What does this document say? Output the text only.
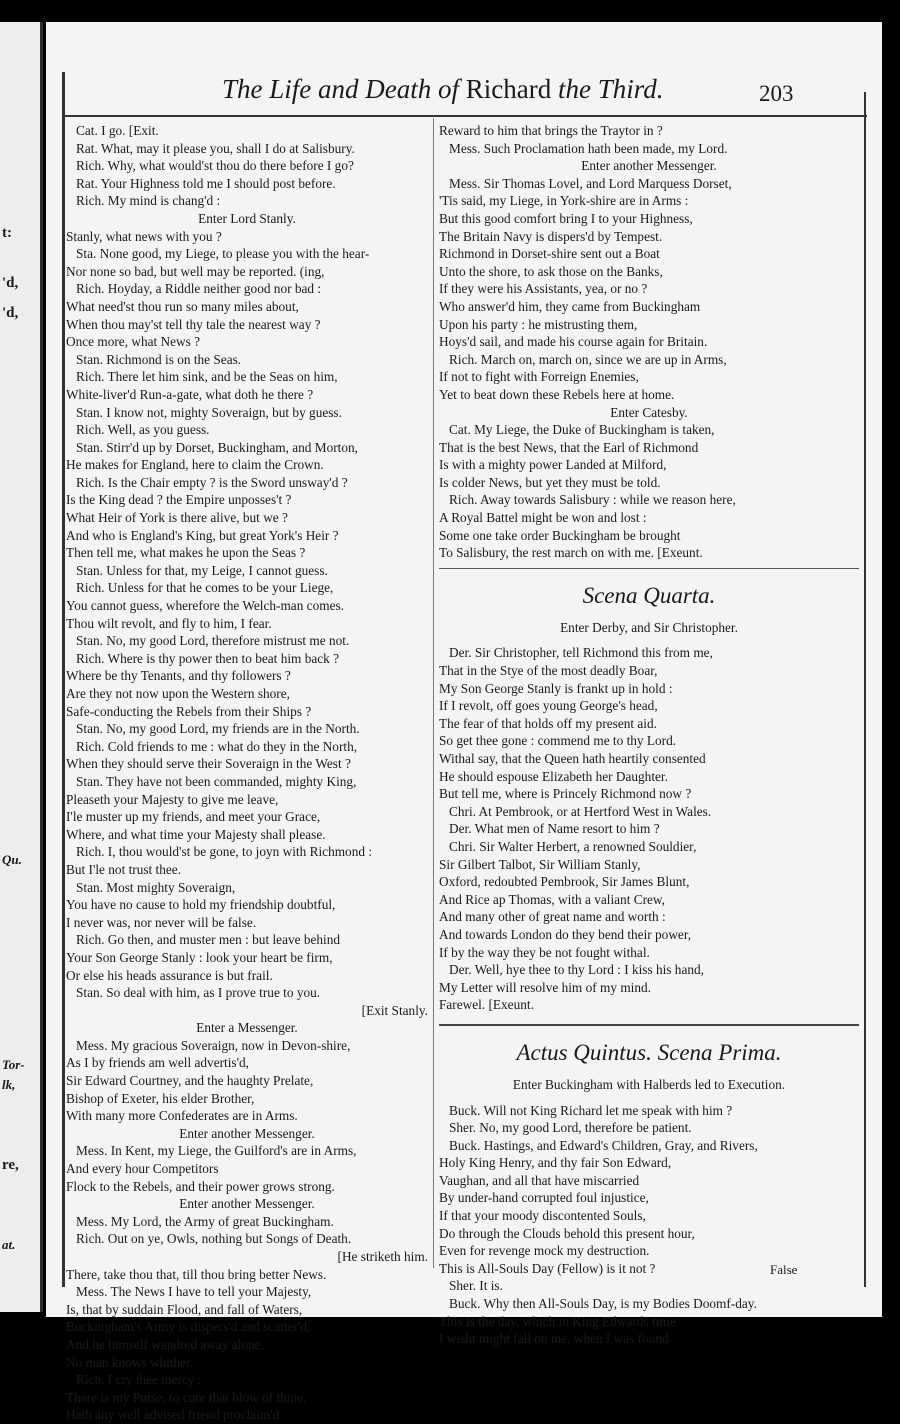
t:
'd,
'd,
Qu.
Tor-
lk,
re,
at.
The Life and Death of Richard the Third.	203
Cat. I go. [Exit.
Rat. What, may it please you, shall I do at Salisbury.
Rich. Why, what would'st thou do there before I go?
Rat. Your Highness told me I should post before.
Rich. My mind is chang'd :
Enter Lord Stanly.
Stanly, what news with you ?
Sta. None good, my Liege, to please you with the hear-
Nor none so bad, but well may be reported. (ing,
Rich. Hoyday, a Riddle neither good nor bad :
What need'st thou run so many miles about,
When thou may'st tell thy tale the nearest way ?
Once more, what News ?
Stan. Richmond is on the Seas.
Rich. There let him sink, and be the Seas on him,
White-liver'd Run-a-gate, what doth he there ?
Stan. I know not, mighty Soveraign, but by guess.
Rich. Well, as you guess.
Stan. Stirr'd up by Dorset, Buckingham, and Morton,
He makes for England, here to claim the Crown.
Rich. Is the Chair empty ? is the Sword unsway'd ?
Is the King dead ? the Empire unposses't ?
What Heir of York is there alive, but we ?
And who is England's King, but great York's Heir ?
Then tell me, what makes he upon the Seas ?
Stan. Unless for that, my Leige, I cannot guess.
Rich. Unless for that he comes to be your Liege,
You cannot guess, wherefore the Welch-man comes.
Thou wilt revolt, and fly to him, I fear.
Stan. No, my good Lord, therefore mistrust me not.
Rich. Where is thy power then to beat him back ?
Where be thy Tenants, and thy followers ?
Are they not now upon the Western shore,
Safe-conducting the Rebels from their Ships ?
Stan. No, my good Lord, my friends are in the North.
Rich. Cold friends to me : what do they in the North,
When they should serve their Soveraign in the West ?
Stan. They have not been commanded, mighty King,
Pleaseth your Majesty to give me leave,
I'le muster up my friends, and meet your Grace,
Where, and what time your Majesty shall please.
Rich. I, thou would'st be gone, to joyn with Richmond :
But I'le not trust thee.
Stan. Most mighty Soveraign,
You have no cause to hold my friendship doubtful,
I never was, nor never will be false.
Rich. Go then, and muster men : but leave behind
Your Son George Stanly : look your heart be firm,
Or else his heads assurance is but frail.
Stan. So deal with him, as I prove true to you.
[Exit Stanly.
Enter a Messenger.
Mess. My gracious Soveraign, now in Devon-shire,
As I by friends am well advertis'd,
Sir Edward Courtney, and the haughty Prelate,
Bishop of Exeter, his elder Brother,
With many more Confederates are in Arms.
Enter another Messenger.
Mess. In Kent, my Liege, the Guilford's are in Arms,
And every hour Competitors
Flock to the Rebels, and their power grows strong.
Enter another Messenger.
Mess. My Lord, the Army of great Buckingham.
Rich. Out on ye, Owls, nothing but Songs of Death.
[He striketh him.
There, take thou that, till thou bring better News.
Mess. The News I have to tell your Majesty,
Is, that by suddain Flood, and fall of Waters,
Buckingham's Army is dispers'd and scatter'd,
And he himself wandred away alone,
No man knows whither.
Rich. I cry thee mercy :
There is my Purse, to cure that blow of thine.
Hath any well advised friend proclaim'd
Reward to him that brings the Traytor in ?
Mess. Such Proclamation hath been made, my Lord.
Enter another Messenger.
Mess. Sir Thomas Lovel, and Lord Marquess Dorset,
'Tis said, my Liege, in York-shire are in Arms :
But this good comfort bring I to your Highness,
The Britain Navy is dispers'd by Tempest.
Richmond in Dorset-shire sent out a Boat
Unto the shore, to ask those on the Banks,
If they were his Assistants, yea, or no ?
Who answer'd him, they came from Buckingham
Upon his party : he mistrusting them,
Hoys'd sail, and made his course again for Britain.
Rich. March on, march on, since we are up in Arms,
If not to fight with Forreign Enemies,
Yet to beat down these Rebels here at home.
Enter Catesby.
Cat. My Liege, the Duke of Buckingham is taken,
That is the best News, that the Earl of Richmond
Is with a mighty power Landed at Milford,
Is colder News, but yet they must be told.
Rich. Away towards Salisbury : while we reason here,
A Royal Battel might be won and lost :
Some one take order Buckingham be brought
To Salisbury, the rest march on with me. [Exeunt.
Scena Quarta.
Enter Derby, and Sir Christopher.
Der. Sir Christopher, tell Richmond this from me,
That in the Stye of the most deadly Boar,
My Son George Stanly is frankt up in hold :
If I revolt, off goes young George's head,
The fear of that holds off my present aid.
So get thee gone : commend me to thy Lord.
Withal say, that the Queen hath heartily consented
He should espouse Elizabeth her Daughter.
But tell me, where is Princely Richmond now ?
Chri. At Pembrook, or at Hertford West in Wales.
Der. What men of Name resort to him ?
Chri. Sir Walter Herbert, a renowned Souldier,
Sir Gilbert Talbot, Sir William Stanly,
Oxford, redoubted Pembrook, Sir James Blunt,
And Rice ap Thomas, with a valiant Crew,
And many other of great name and worth :
And towards London do they bend their power,
If by the way they be not fought withal.
Der. Well, hye thee to thy Lord : I kiss his hand,
My Letter will resolve him of my mind.
Farewel. [Exeunt.
Actus Quintus. Scena Prima.
Enter Buckingham with Halberds led to Execution.
Buck. Will not King Richard let me speak with him ?
Sher. No, my good Lord, therefore be patient.
Buck. Hastings, and Edward's Children, Gray, and Rivers,
Holy King Henry, and thy fair Son Edward,
Vaughan, and all that have miscarried
By under-hand corrupted foul injustice,
If that your moody discontented Souls,
Do through the Clouds behold this present hour,
Even for revenge mock my destruction.
This is All-Souls Day (Fellow) is it not ?
Sher. It is.
Buck. Why then All-Souls Day, is my Bodies Doomf-day.
This is the day, which in King Edwards time
I wisht might fall on me, when I was found
False
